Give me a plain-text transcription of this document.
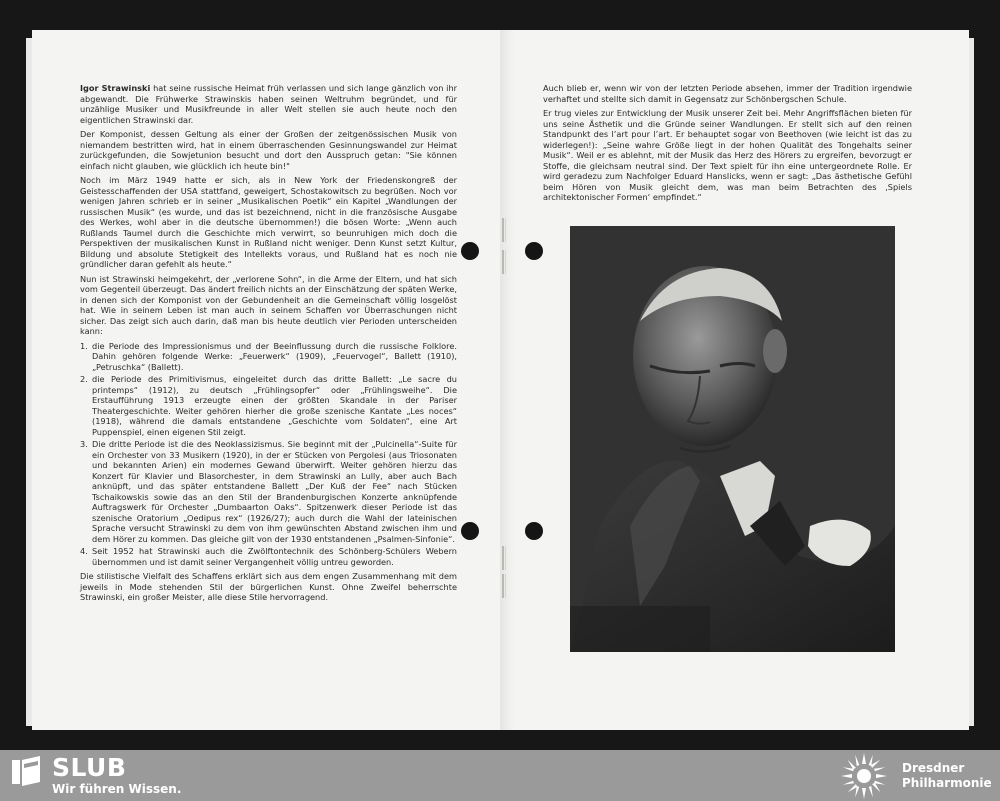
Igor Strawinski hat seine russische Heimat früh verlassen und sich lange gänzlich von ihr abgewandt. Die Frühwerke Strawinskis haben seinen Weltruhm begründet, und für unzählige Musiker und Musikfreunde in aller Welt stellen sie auch heute noch den eigentlichen Strawinski dar.

Der Komponist, dessen Geltung als einer der Großen der zeitgenössischen Musik von niemandem bestritten wird, hat in einem überraschenden Gesinnungswandel zur Heimat zurückgefunden, die Sowjetunion besucht und dort den Ausspruch getan: "Sie können einfach nicht glauben, wie glücklich ich heute bin!"

Noch im März 1949 hatte er sich, als in New York der Friedenskongreß der Geistesschaffenden der USA stattfand, geweigert, Schostakowitsch zu begrüßen. Noch vor wenigen Jahren schrieb er in seiner „Musikalischen Poetik“ ein Kapitel „Wandlungen der russischen Musik“ (es wurde, und das ist bezeichnend, nicht in die französische Ausgabe des Werkes, wohl aber in die deutsche übernommen!) die bösen Worte: „Wenn auch Rußlands Taumel durch die Geschichte mich verwirrt, so beunruhigen mich doch die Perspektiven der musikalischen Kunst in Rußland nicht weniger. Denn Kunst setzt Kultur, Bildung und absolute Stetigkeit des Intellekts voraus, und Rußland hat es noch nie gründlicher daran gefehlt als heute.“

Nun ist Strawinski heimgekehrt, der „verlorene Sohn“, in die Arme der Eltern, und hat sich vom Gegenteil überzeugt. Das ändert freilich nichts an der Einschätzung der späten Werke, in denen sich der Komponist von der Gebundenheit an die Gemeinschaft völlig losgelöst hat. Wie in seinem Leben ist man auch in seinem Schaffen vor Überraschungen nicht sicher. Das zeigt sich auch darin, daß man bis heute deutlich vier Perioden unterscheiden kann:

1. die Periode des Impressionismus und der Beeinflussung durch die russische Folklore. Dahin gehören folgende Werke: „Feuerwerk“ (1909), „Feuervogel“, Ballett (1910), „Petruschka“ (Ballett).
2. die Periode des Primitivismus, eingeleitet durch das dritte Ballett: „Le sacre du printemps“ (1912), zu deutsch „Frühlingsopfer“ oder „Frühlingsweihe“. Die Erstaufführung 1913 erzeugte einen der größten Skandale in der Pariser Theatergeschichte. Weiter gehören hierher die große szenische Kantate „Les noces“ (1918), während die damals entstandene „Geschichte vom Soldaten“, eine Art Puppenspiel, einen eigenen Stil zeigt.
3. Die dritte Periode ist die des Neoklassizismus. Sie beginnt mit der „Pulcinella“-Suite für ein Orchester von 33 Musikern (1920), in der er Stücken von Pergolesi (aus Triosonaten und bekannten Arien) ein modernes Gewand überwirft. Weiter gehören hierzu das Konzert für Klavier und Blasorchester, in dem Strawinski an Lully, aber auch Bach anknüpft, und das später entstandene Ballett „Der Kuß der Fee“ nach Stücken Tschaikowskis sowie das an den Stil der Brandenburgischen Konzerte anknüpfende Auftragswerk für Orchester „Dumbaarton Oaks“. Spitzenwerk dieser Periode ist das szenische Oratorium „Oedipus rex“ (1926/27); auch durch die Wahl der lateinischen Sprache versucht Strawinski zu dem von ihm gewünschten Abstand zwischen ihm und dem Hörer zu kommen. Das gleiche gilt von der 1930 entstandenen „Psalmen-Sinfonie“.
4. Seit 1952 hat Strawinski auch die Zwölftontechnik des Schönberg-Schülers Webern übernommen und ist damit seiner Vergangenheit völlig untreu geworden.

Die stilistische Vielfalt des Schaffens erklärt sich aus dem engen Zusammenhang mit dem jeweils in Mode stehenden Stil der bürgerlichen Kunst. Ohne Zweifel beherrschte Strawinski, ein großer Meister, alle diese Stile hervorragend.

Auch blieb er, wenn wir von der letzten Periode absehen, immer der Tradition irgendwie verhaftet und stellte sich damit in Gegensatz zur Schönbergschen Schule.

Er trug vieles zur Entwicklung der Musik unserer Zeit bei. Mehr Angriffsflächen bieten für uns seine Ästhetik und die Gründe seiner Wandlungen. Er stellt sich auf den reinen Standpunkt des l’art pour l’art. Er behauptet sogar von Beethoven (wie leicht ist das zu widerlegen!): „Seine wahre Größe liegt in der hohen Qualität des Tongehalts seiner Musik“. Weil er es ablehnt, mit der Musik das Herz des Hörers zu ergreifen, bevorzugt er Stoffe, die gleichsam neutral sind. Der Text spielt für ihn eine untergeordnete Rolle. Er wird geradezu zum Nachfolger Eduard Hanslicks, wenn er sagt: „Das ästhetische Gefühl beim Hören von Musik gleicht dem, was man beim Betrachten des ‚Spiels architektonischer Formen‘ empfindet.“

SLUB
Wir führen Wissen.
Dresdner
Philharmonie
